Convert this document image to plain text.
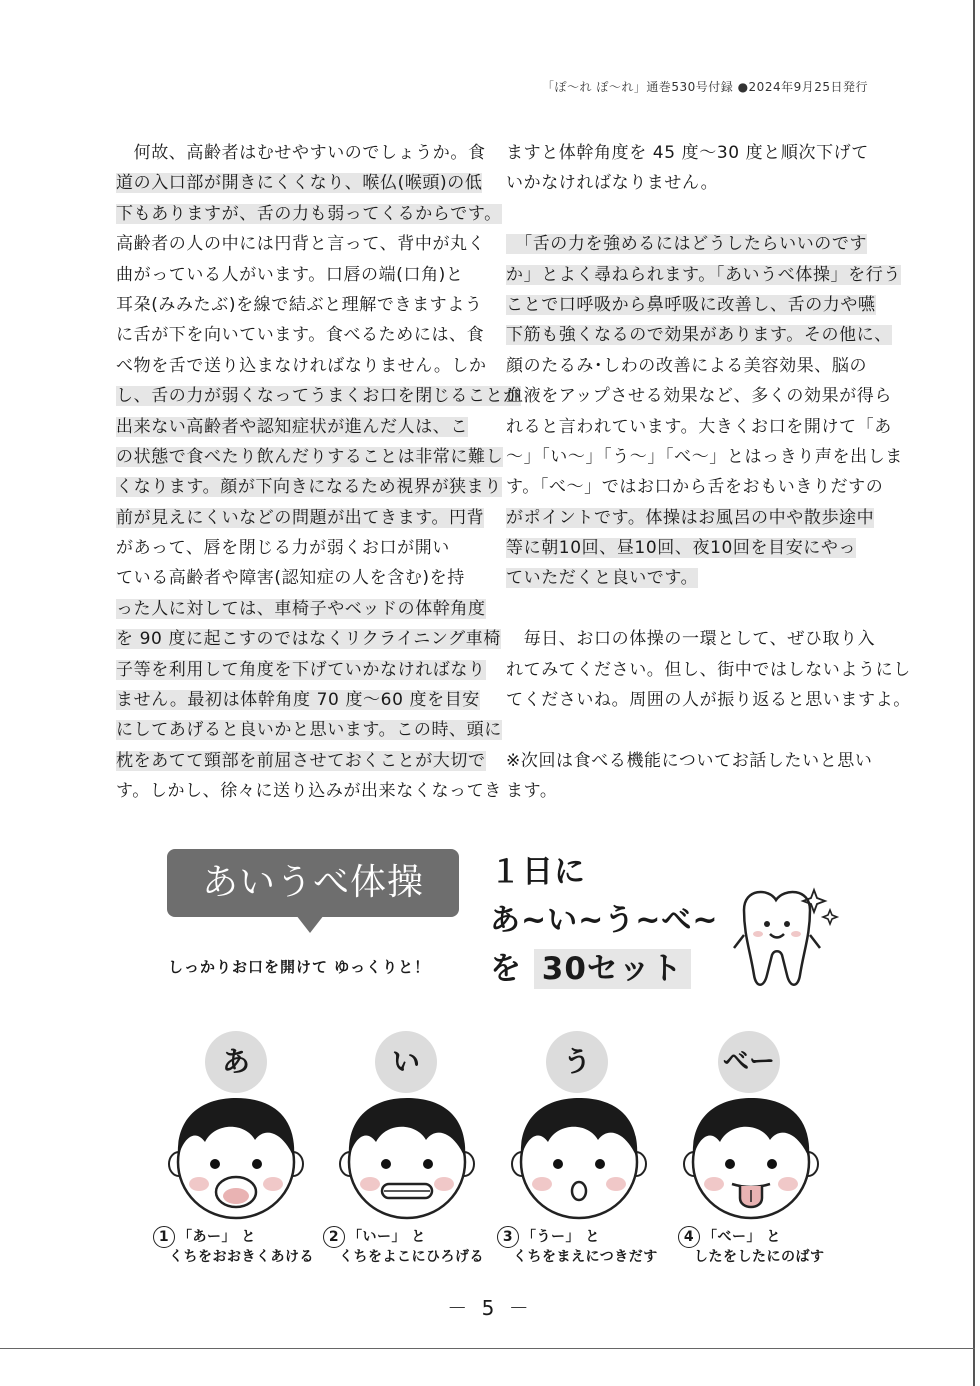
「ぽ〜れ ぽ〜れ」通巻530号付録 ●2024年9月25日発行
　何故、高齢者はむせやすいのでしょうか。食
道の入口部が開きにくくなり、喉仏(喉頭)の低
下もありますが、舌の力も弱ってくるからです。
高齢者の人の中には円背と言って、背中が丸く
曲がっている人がいます。口唇の端(口角)と
耳朶(みみたぶ)を線で結ぶと理解できますよう
に舌が下を向いています。食べるためには、食
べ物を舌で送り込まなければなりません。しか
し、舌の力が弱くなってうまくお口を閉じることが
出来ない高齢者や認知症状が進んだ人は、こ
の状態で食べたり飲んだりすることは非常に難し
くなります。顔が下向きになるため視界が狭まり
前が見えにくいなどの問題が出てきます。円背
があって、唇を閉じる力が弱くお口が開い
ている高齢者や障害(認知症の人を含む)を持
った人に対しては、車椅子やベッドの体幹角度
を 90 度に起こすのではなくリクライニング車椅
子等を利用して角度を下げていかなければなり
ません。最初は体幹角度 70 度〜60 度を目安
にしてあげると良いかと思います。この時、頭に
枕をあてて頸部を前屈させておくことが大切で
す。しかし、徐々に送り込みが出来なくなってき
ますと体幹角度を 45 度〜30 度と順次下げて
いかなければなりません。
　「舌の力を強めるにはどうしたらいいのです
か」とよく尋ねられます。「あいうべ体操」を行う
ことで口呼吸から鼻呼吸に改善し、舌の力や嚥
下筋も強くなるので効果があります。その他に、
顔のたるみ･しわの改善による美容効果、脳の
血液をアップさせる効果など、多くの効果が得ら
れると言われています。大きくお口を開けて「あ
〜」「い〜」「う〜」「べ〜」とはっきり声を出しま
す。「べ〜」ではお口から舌をおもいきりだすの
がポイントです。体操はお風呂の中や散歩途中
等に朝10回、昼10回、夜10回を目安にやっ
ていただくと良いです。
　毎日、お口の体操の一環として、ぜひ取り入
れてみてください。但し、街中ではしないようにし
てくださいね。周囲の人が振り返ると思いますよ。
※次回は食べる機能についてお話したいと思い
ます。
あいうべ体操
しっかりお口を開けて ゆっくりと！
１日に
あ~い~う~べ~
を 30セット
あ	い	う	べー
1 「あー」 と
くちをおおきくあける
2 「いー」 と
くちをよこにひろげる
3 「うー」 と
くちをまえにつきだす
4 「べー」 と
したをしたにのばす
－ 5 －
